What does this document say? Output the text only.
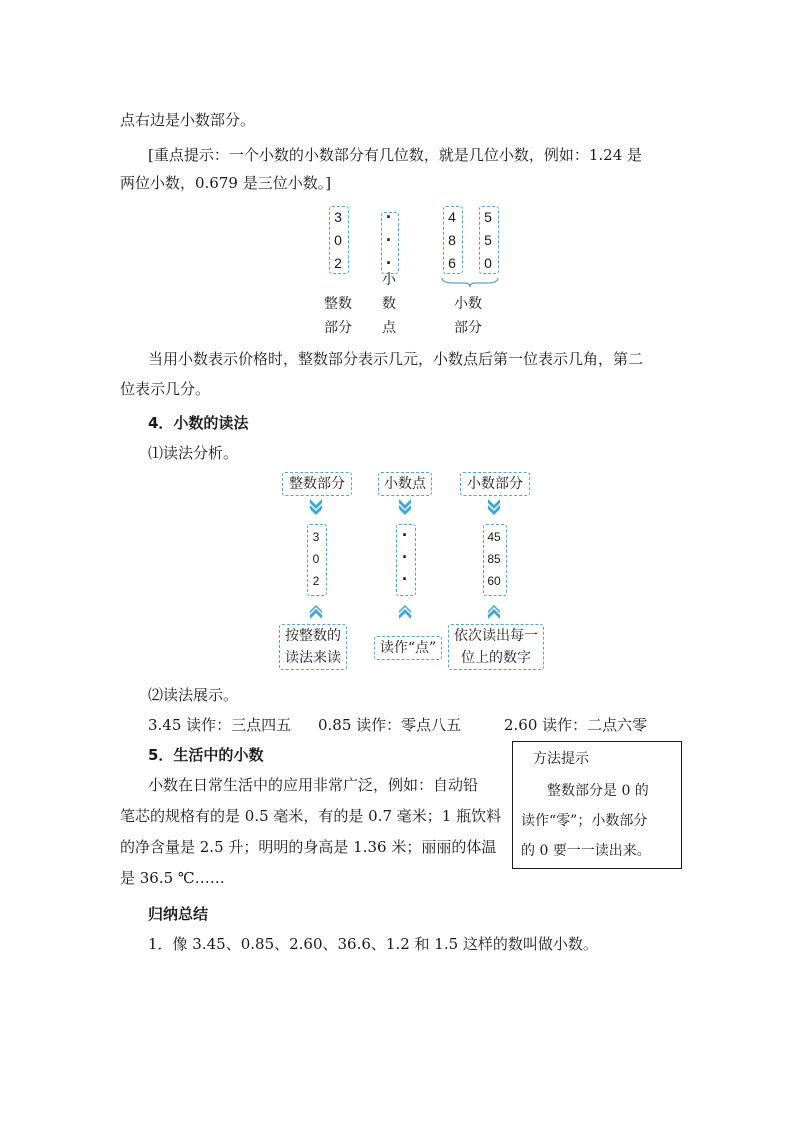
点右边是小数部分。
[重点提示：一个小数的小数部分有几位数，就是几位小数，例如：1.24 是
两位小数，0.679 是三位小数。]
3
0
2
·
·
·
4
8
6
5
5
0
整数
部分
小
数
点
小数
部分
当用小数表示价格时，整数部分表示几元，小数点后第一位表示几角，第二
位表示几分。
4．小数的读法
⑴读法分析。
整数部分	小数点	小数部分
3
0
2
·
·
·
45
85
60
按整数的
读法来读
读作“点”
依次读出每一
位上的数字
⑵读法展示。
3.45 读作：三点四五 0.85 读作：零点八五	2.60 读作：二点六零
5．生活中的小数
小数在日常生活中的应用非常广泛，例如：自动铅
笔芯的规格有的是 0.5 毫米，有的是 0.7 毫米；1 瓶饮料
的净含量是 2.5 升；明明的身高是 1.36 米；丽丽的体温
是 36.5 ℃……
方法提示
整数部分是 0 的
读作“零”；小数部分
的 0 要一一读出来。
归纳总结
1．像 3.45、0.85、2.60、36.6、1.2 和 1.5 这样的数叫做小数。
